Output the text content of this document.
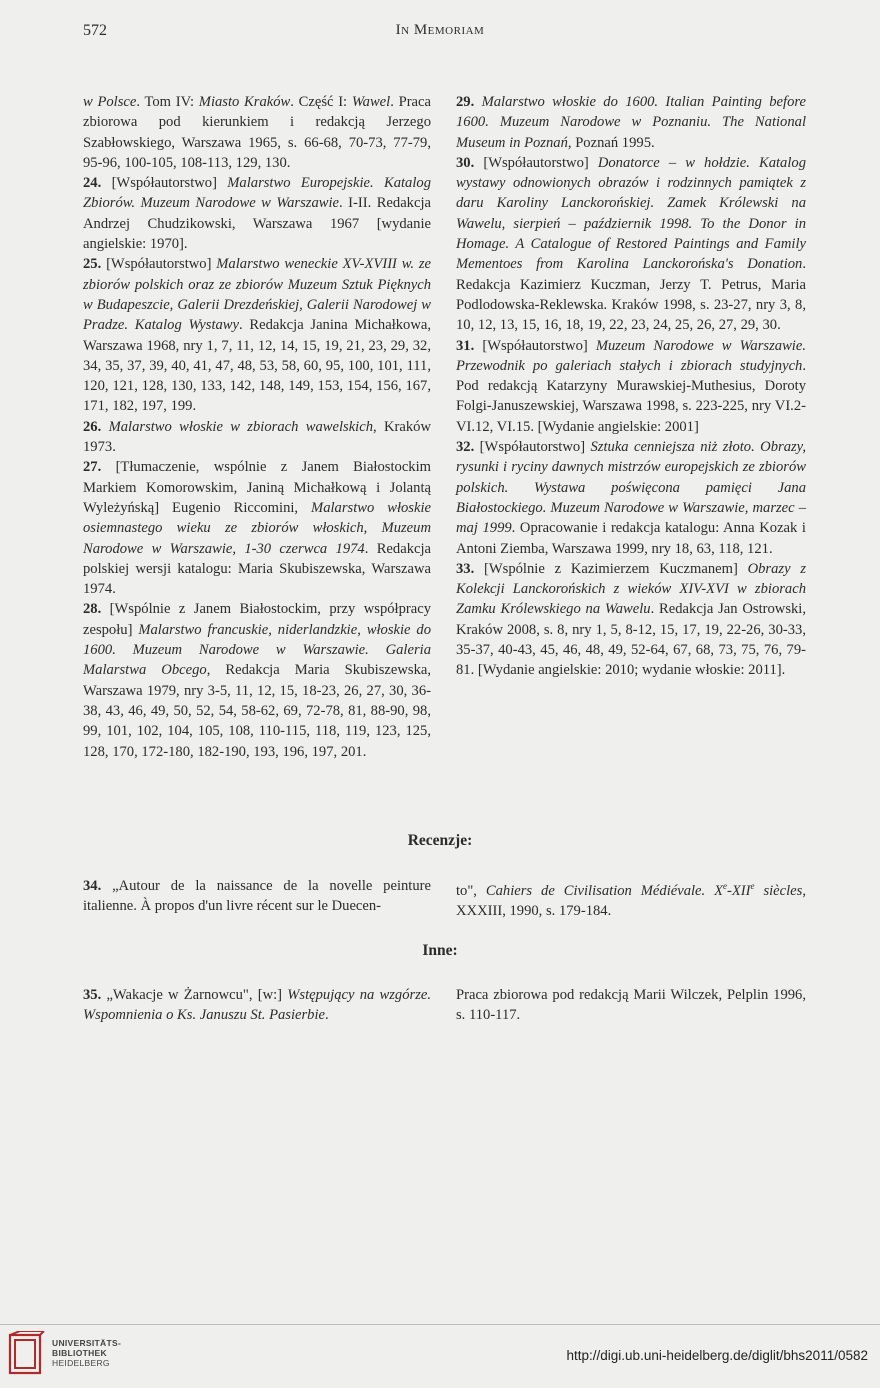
572	In Memoriam

w Polsce. Tom IV: Miasto Kraków. Część I: Wawel. Praca zbiorowa pod kierunkiem i redakcją Jerzego Szabłowskiego, Warszawa 1965, s. 66-68, 70-73, 77-79, 95-96, 100-105, 108-113, 129, 130.

24. [Współautorstwo] Malarstwo Europejskie. Katalog Zbiorów. Muzeum Narodowe w Warszawie. I-II. Redakcja Andrzej Chudzikowski, Warszawa 1967 [wydanie angielskie: 1970].

25. [Współautorstwo] Malarstwo weneckie XV-XVIII w. ze zbiorów polskich oraz ze zbiorów Muzeum Sztuk Pięknych w Budapeszcie, Galerii Drezdeńskiej, Galerii Narodowej w Pradze. Katalog Wystawy. Redakcja Janina Michałkowa, Warszawa 1968, nry 1, 7, 11, 12, 14, 15, 19, 21, 23, 29, 32, 34, 35, 37, 39, 40, 41, 47, 48, 53, 58, 60, 95, 100, 101, 111, 120, 121, 128, 130, 133, 142, 148, 149, 153, 154, 156, 167, 171, 182, 197, 199.

26. Malarstwo włoskie w zbiorach wawelskich, Kraków 1973.

27. [Tłumaczenie, wspólnie z Janem Białostockim Markiem Komorowskim, Janiną Michałkową i Jolantą Wyleżyńską] Eugenio Riccomini, Malarstwo włoskie osiemnastego wieku ze zbiorów włoskich, Muzeum Narodowe w Warszawie, 1-30 czerwca 1974. Redakcja polskiej wersji katalogu: Maria Skubiszewska, Warszawa 1974.

28. [Wspólnie z Janem Białostockim, przy współpracy zespołu] Malarstwo francuskie, niderlandzkie, włoskie do 1600. Muzeum Narodowe w Warszawie. Galeria Malarstwa Obcego, Redakcja Maria Skubiszewska, Warszawa 1979, nry 3-5, 11, 12, 15, 18-23, 26, 27, 30, 36-38, 43, 46, 49, 50, 52, 54, 58-62, 69, 72-78, 81, 88-90, 98, 99, 101, 102, 104, 105, 108, 110-115, 118, 119, 123, 125, 128, 170, 172-180, 182-190, 193, 196, 197, 201.

29. Malarstwo włoskie do 1600. Italian Painting before 1600. Muzeum Narodowe w Poznaniu. The National Museum in Poznań, Poznań 1995.

30. [Współautorstwo] Donatorce – w hołdzie. Katalog wystawy odnowionych obrazów i rodzinnych pamiątek z daru Karoliny Lanckorońskiej. Zamek Królewski na Wawelu, sierpień – październik 1998. To the Donor in Homage. A Catalogue of Restored Paintings and Family Mementoes from Karolina Lanckorońska's Donation. Redakcja Kazimierz Kuczman, Jerzy T. Petrus, Maria Podlodowska-Reklewska. Kraków 1998, s. 23-27, nry 3, 8, 10, 12, 13, 15, 16, 18, 19, 22, 23, 24, 25, 26, 27, 29, 30.

31. [Współautorstwo] Muzeum Narodowe w Warszawie. Przewodnik po galeriach stałych i zbiorach studyjnych. Pod redakcją Katarzyny Murawskiej-Muthesius, Doroty Folgi-Januszewskiej, Warszawa 1998, s. 223-225, nry VI.2-VI.12, VI.15. [Wydanie angielskie: 2001]

32. [Współautorstwo] Sztuka cenniejsza niż złoto. Obrazy, rysunki i ryciny dawnych mistrzów europejskich ze zbiorów polskich. Wystawa poświęcona pamięci Jana Białostockiego. Muzeum Narodowe w Warszawie, marzec – maj 1999. Opracowanie i redakcja katalogu: Anna Kozak i Antoni Ziemba, Warszawa 1999, nry 18, 63, 118, 121.

33. [Wspólnie z Kazimierzem Kuczmanem] Obrazy z Kolekcji Lanckorońskich z wieków XIV-XVI w zbiorach Zamku Królewskiego na Wawelu. Redakcja Jan Ostrowski, Kraków 2008, s. 8, nry 1, 5, 8-12, 15, 17, 19, 22-26, 30-33, 35-37, 40-43, 45, 46, 48, 49, 52-64, 67, 68, 73, 75, 76, 79-81. [Wydanie angielskie: 2010; wydanie włoskie: 2011].

Recenzje:

34. „Autour de la naissance de la novelle peinture italienne. À propos d'un livre récent sur le Duecen-

to", Cahiers de Civilisation Médiévale. Xe-XIIe siècles, XXXIII, 1990, s. 179-184.

Inne:

35. „Wakacje w Żarnowcu", [w:] Wstępujący na wzgórze. Wspomnienia o Ks. Januszu St. Pasierbie.

Praca zbiorowa pod redakcją Marii Wilczek, Pelplin 1996, s. 110-117.

UNIVERSITÄTS-
BIBLIOTHEK
HEIDELBERG	http://digi.ub.uni-heidelberg.de/diglit/bhs2011/0582
